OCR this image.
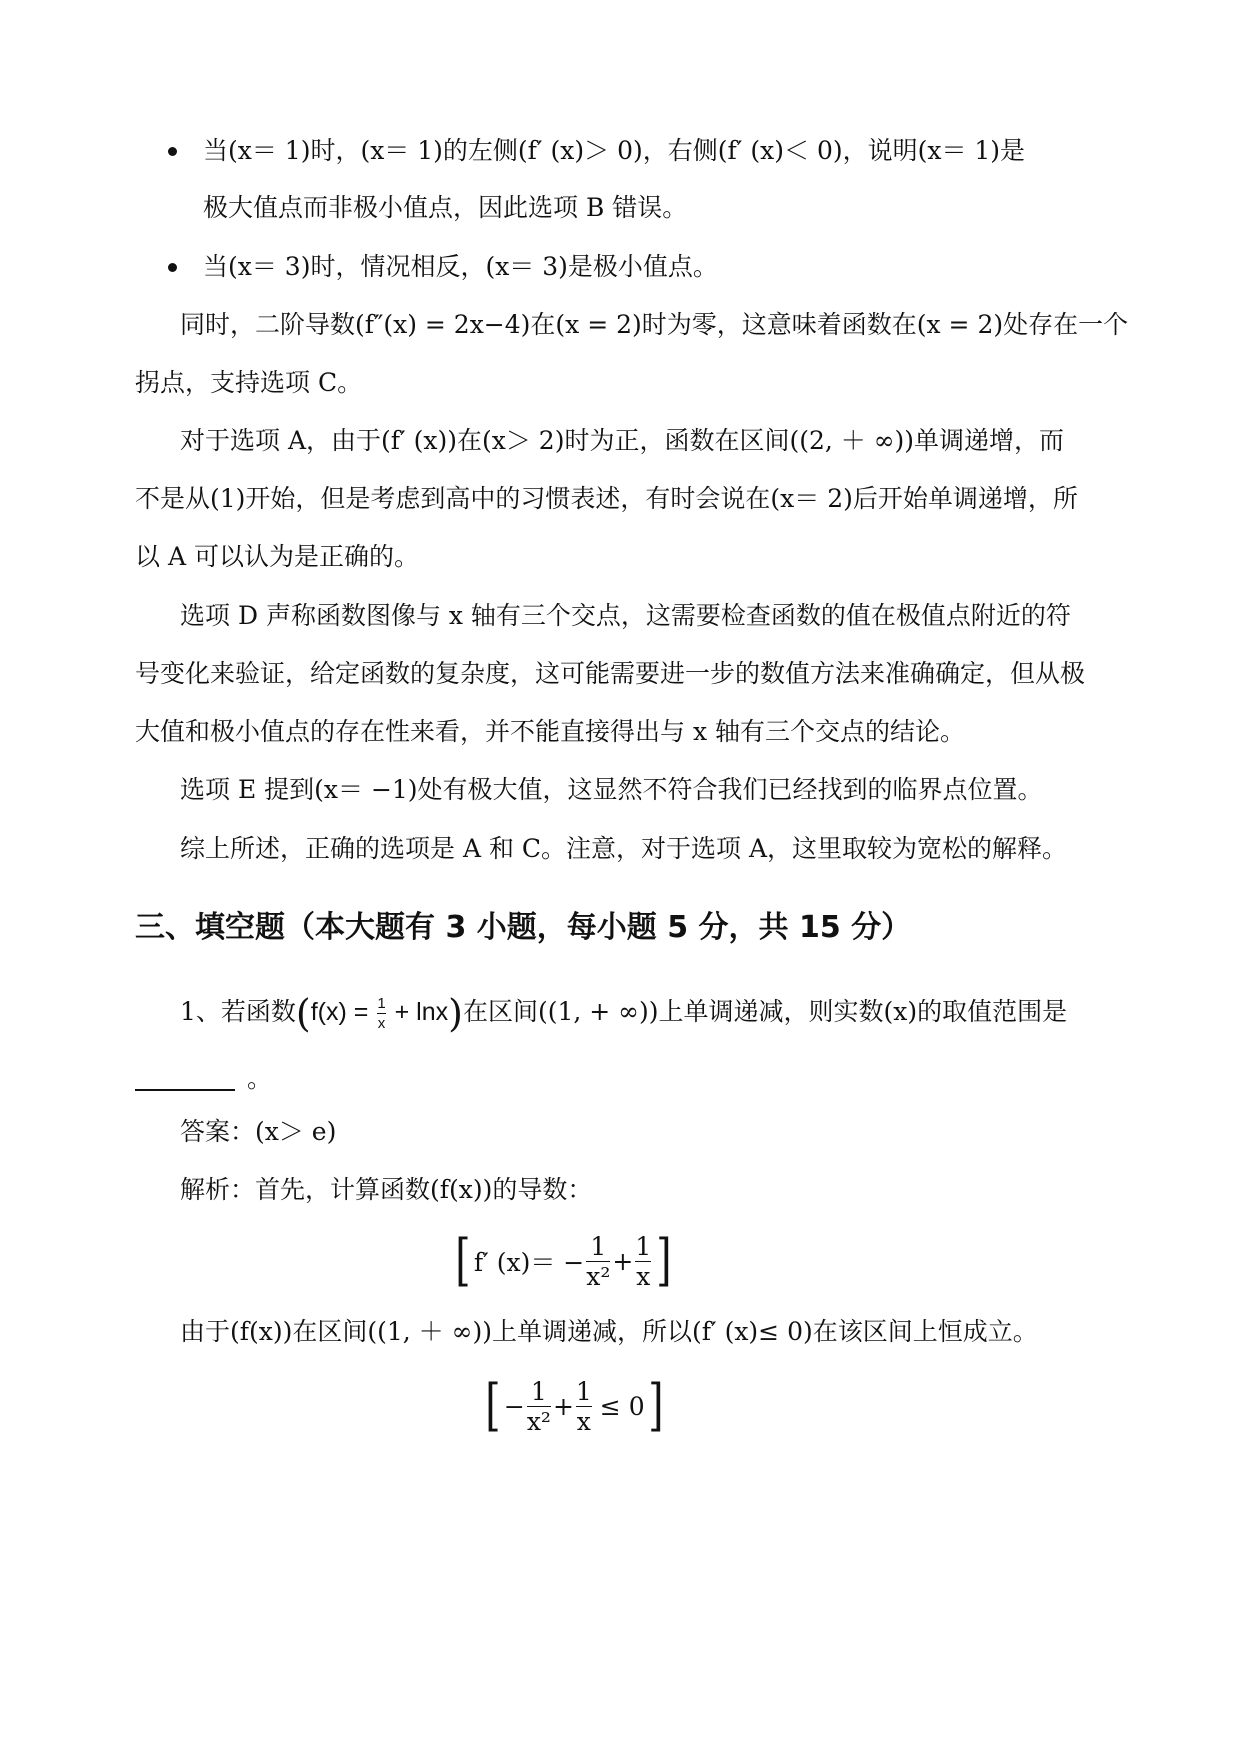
当(x＝ 1)时，(x＝ 1)的左侧(f′ (x)＞ 0)，右侧(f′ (x)＜ 0)，说明(x＝ 1)是
极大值点而非极小值点，因此选项 B 错误。
当(x＝ 3)时，情况相反，(x＝ 3)是极小值点。
同时，二阶导数(f″(x) = 2x−4)在(x = 2)时为零，这意味着函数在(x = 2)处存在一个
拐点，支持选项 C。
对于选项 A，由于(f′ (x))在(x＞ 2)时为正，函数在区间((2, ＋ ∞))单调递增，而
不是从(1)开始，但是考虑到高中的习惯表述，有时会说在(x＝ 2)后开始单调递增，所
以 A 可以认为是正确的。
选项 D 声称函数图像与 x 轴有三个交点，这需要检查函数的值在极值点附近的符
号变化来验证，给定函数的复杂度，这可能需要进一步的数值方法来准确确定，但从极
大值和极小值点的存在性来看，并不能直接得出与 x 轴有三个交点的结论。
选项 E 提到(x＝ −1)处有极大值，这显然不符合我们已经找到的临界点位置。
综上所述，正确的选项是 A 和 C。注意，对于选项 A，这里取较为宽松的解释。
三、填空题（本大题有 3 小题，每小题 5 分，共 15 分）
1、若函数$(f(x) = \frac{1}{x} + \ln x)$在区间((1, + ∞))上单调递减，则实数(x)的取值范围是
。
答案：(x＞ e)
解析：首先，计算函数(f(x))的导数：
[ f′ $(x)= - \frac{1}{\text{x²}} + \frac{1}{x}$ ]
由于(f(x))在区间((1, ＋ ∞))上单调递减，所以(f′ (x)≤ 0)在该区间上恒成立。
[ − $\frac{1}{\text{x²}} + \frac{1}{x} \le 0$ ]
